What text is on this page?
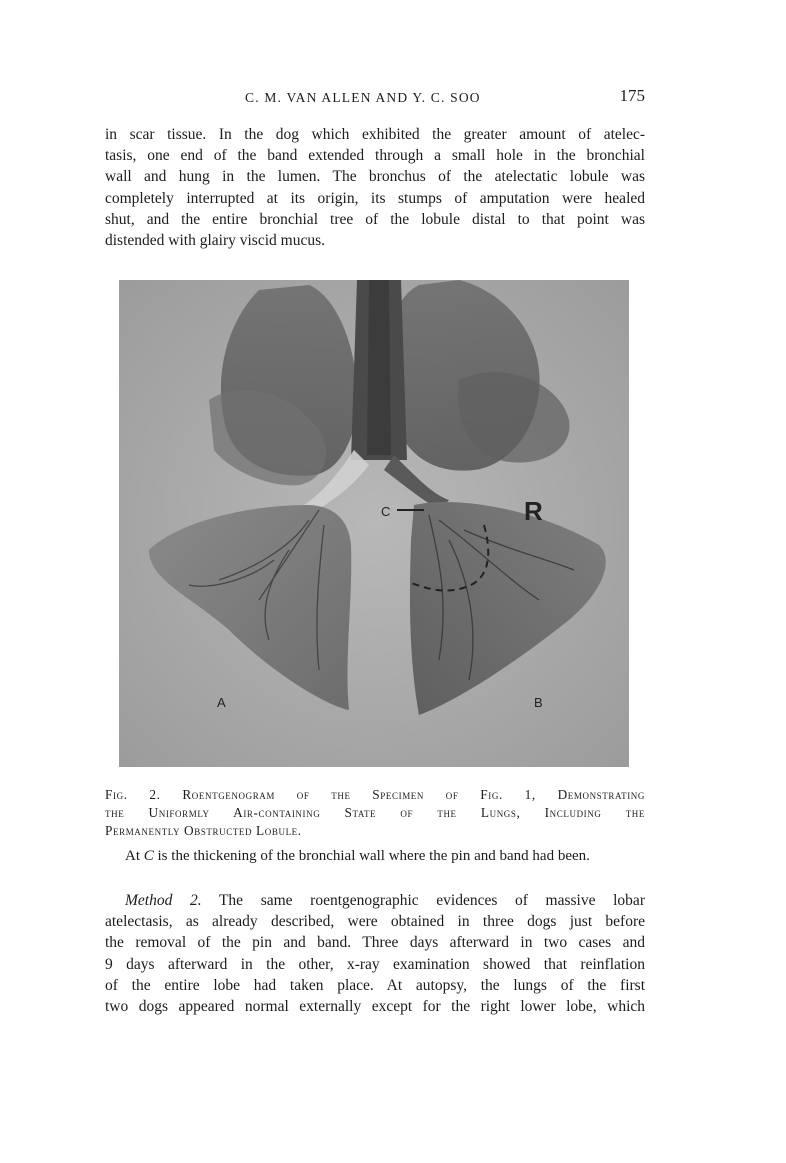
C. M. VAN ALLEN AND Y. C. SOO	175

in scar tissue. In the dog which exhibited the greater amount of atelec-
tasis, one end of the band extended through a small hole in the bronchial
wall and hung in the lumen. The bronchus of the atelectatic lobule was
completely interrupted at its origin, its stumps of amputation were healed
shut, and the entire bronchial tree of the lobule distal to that point was
distended with glairy viscid mucus.

C	R
A	B
Fig. 2. Roentgenogram of the Specimen of Fig. 1, Demonstrating
the Uniformly Air-containing State of the Lungs, Including the
Permanently Obstructed Lobule.
At C is the thickening of the bronchial wall where the pin and band had been.

Method 2. The same roentgenographic evidences of massive lobar
atelectasis, as already described, were obtained in three dogs just before
the removal of the pin and band. Three days afterward in two cases and
9 days afterward in the other, x-ray examination showed that reinflation
of the entire lobe had taken place. At autopsy, the lungs of the first
two dogs appeared normal externally except for the right lower lobe, which
